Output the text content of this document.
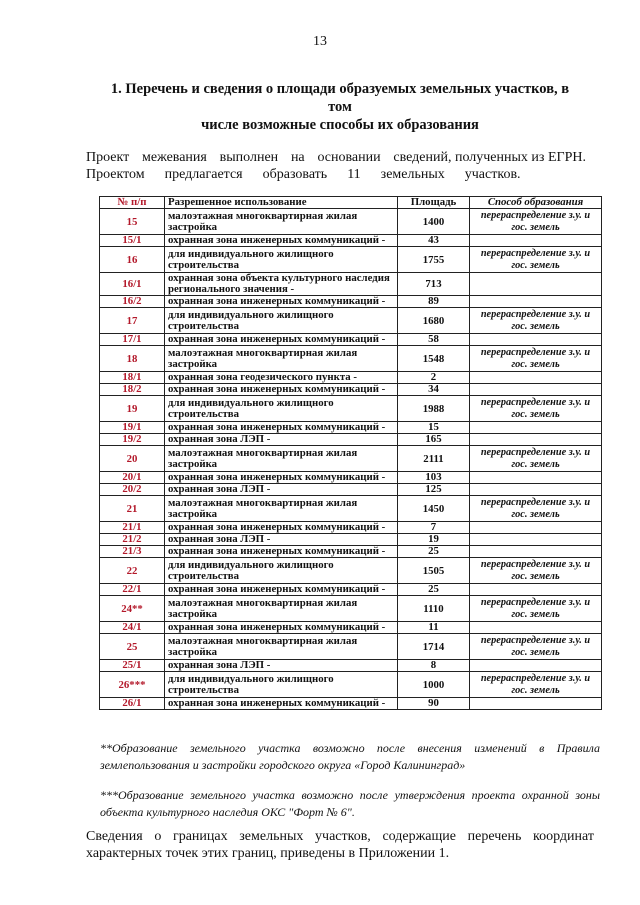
13
1. Перечень и сведения о площади образуемых земельных участков, в том
числе возможные способы их образования
Проект межевания выполнен на основании сведений, полученных из ЕГРН.
Проектом предлагается образовать 11 земельных участков.
№ п/п	Разрешенное использование	Площадь	Способ образования
15	малоэтажная многоквартирная жилая застройка	1400	перераспределение з.у. и
гос. земель

15/1	охранная зона инженерных коммуникаций -	43	
16	для индивидуального жилищного строительства	1755	перераспределение з.у. и
гос. земель

16/1	охранная зона объекта культурного наследия регионального значения -	713	
16/2	охранная зона инженерных коммуникаций -	89	
17	для индивидуального жилищного строительства	1680	перераспределение з.у. и
гос. земель

17/1	охранная зона инженерных коммуникаций -	58	
18	малоэтажная многоквартирная жилая застройка	1548	перераспределение з.у. и
гос. земель

18/1	охранная зона геодезического пункта -	2	
18/2	охранная зона инженерных коммуникаций -	34	
19	для индивидуального жилищного строительства	1988	перераспределение з.у. и
гос. земель

19/1	охранная зона инженерных коммуникаций -	15	
19/2	охранная зона ЛЭП -	165	
20	малоэтажная многоквартирная жилая застройка	2111	перераспределение з.у. и
гос. земель

20/1	охранная зона инженерных коммуникаций -	103	
20/2	охранная зона ЛЭП -	125	
21	малоэтажная многоквартирная жилая застройка	1450	перераспределение з.у. и
гос. земель

21/1	охранная зона инженерных коммуникаций -	7	
21/2	охранная зона ЛЭП -	19	
21/3	охранная зона инженерных коммуникаций -	25	
22	для индивидуального жилищного строительства	1505	перераспределение з.у. и
гос. земель

22/1	охранная зона инженерных коммуникаций -	25	
24**	малоэтажная многоквартирная жилая застройка	1110	перераспределение з.у. и
гос. земель

24/1	охранная зона инженерных коммуникаций -	11	
25	малоэтажная многоквартирная жилая застройка	1714	перераспределение з.у. и
гос. земель

25/1	охранная зона ЛЭП -	8	
26***	для индивидуального жилищного строительства	1000	перераспределение з.у. и
гос. земель

26/1	охранная зона инженерных коммуникаций -	90	
**Образование земельного участка возможно после внесения изменений в Правила землепользования и застройки городского округа «Город Калининград»
***Образование земельного участка возможно после утверждения проекта охранной зоны объекта культурного наследия ОКС "Форт № 6".
Сведения о границах земельных участков, содержащие перечень координат характерных точек этих границ, приведены в Приложении 1.
